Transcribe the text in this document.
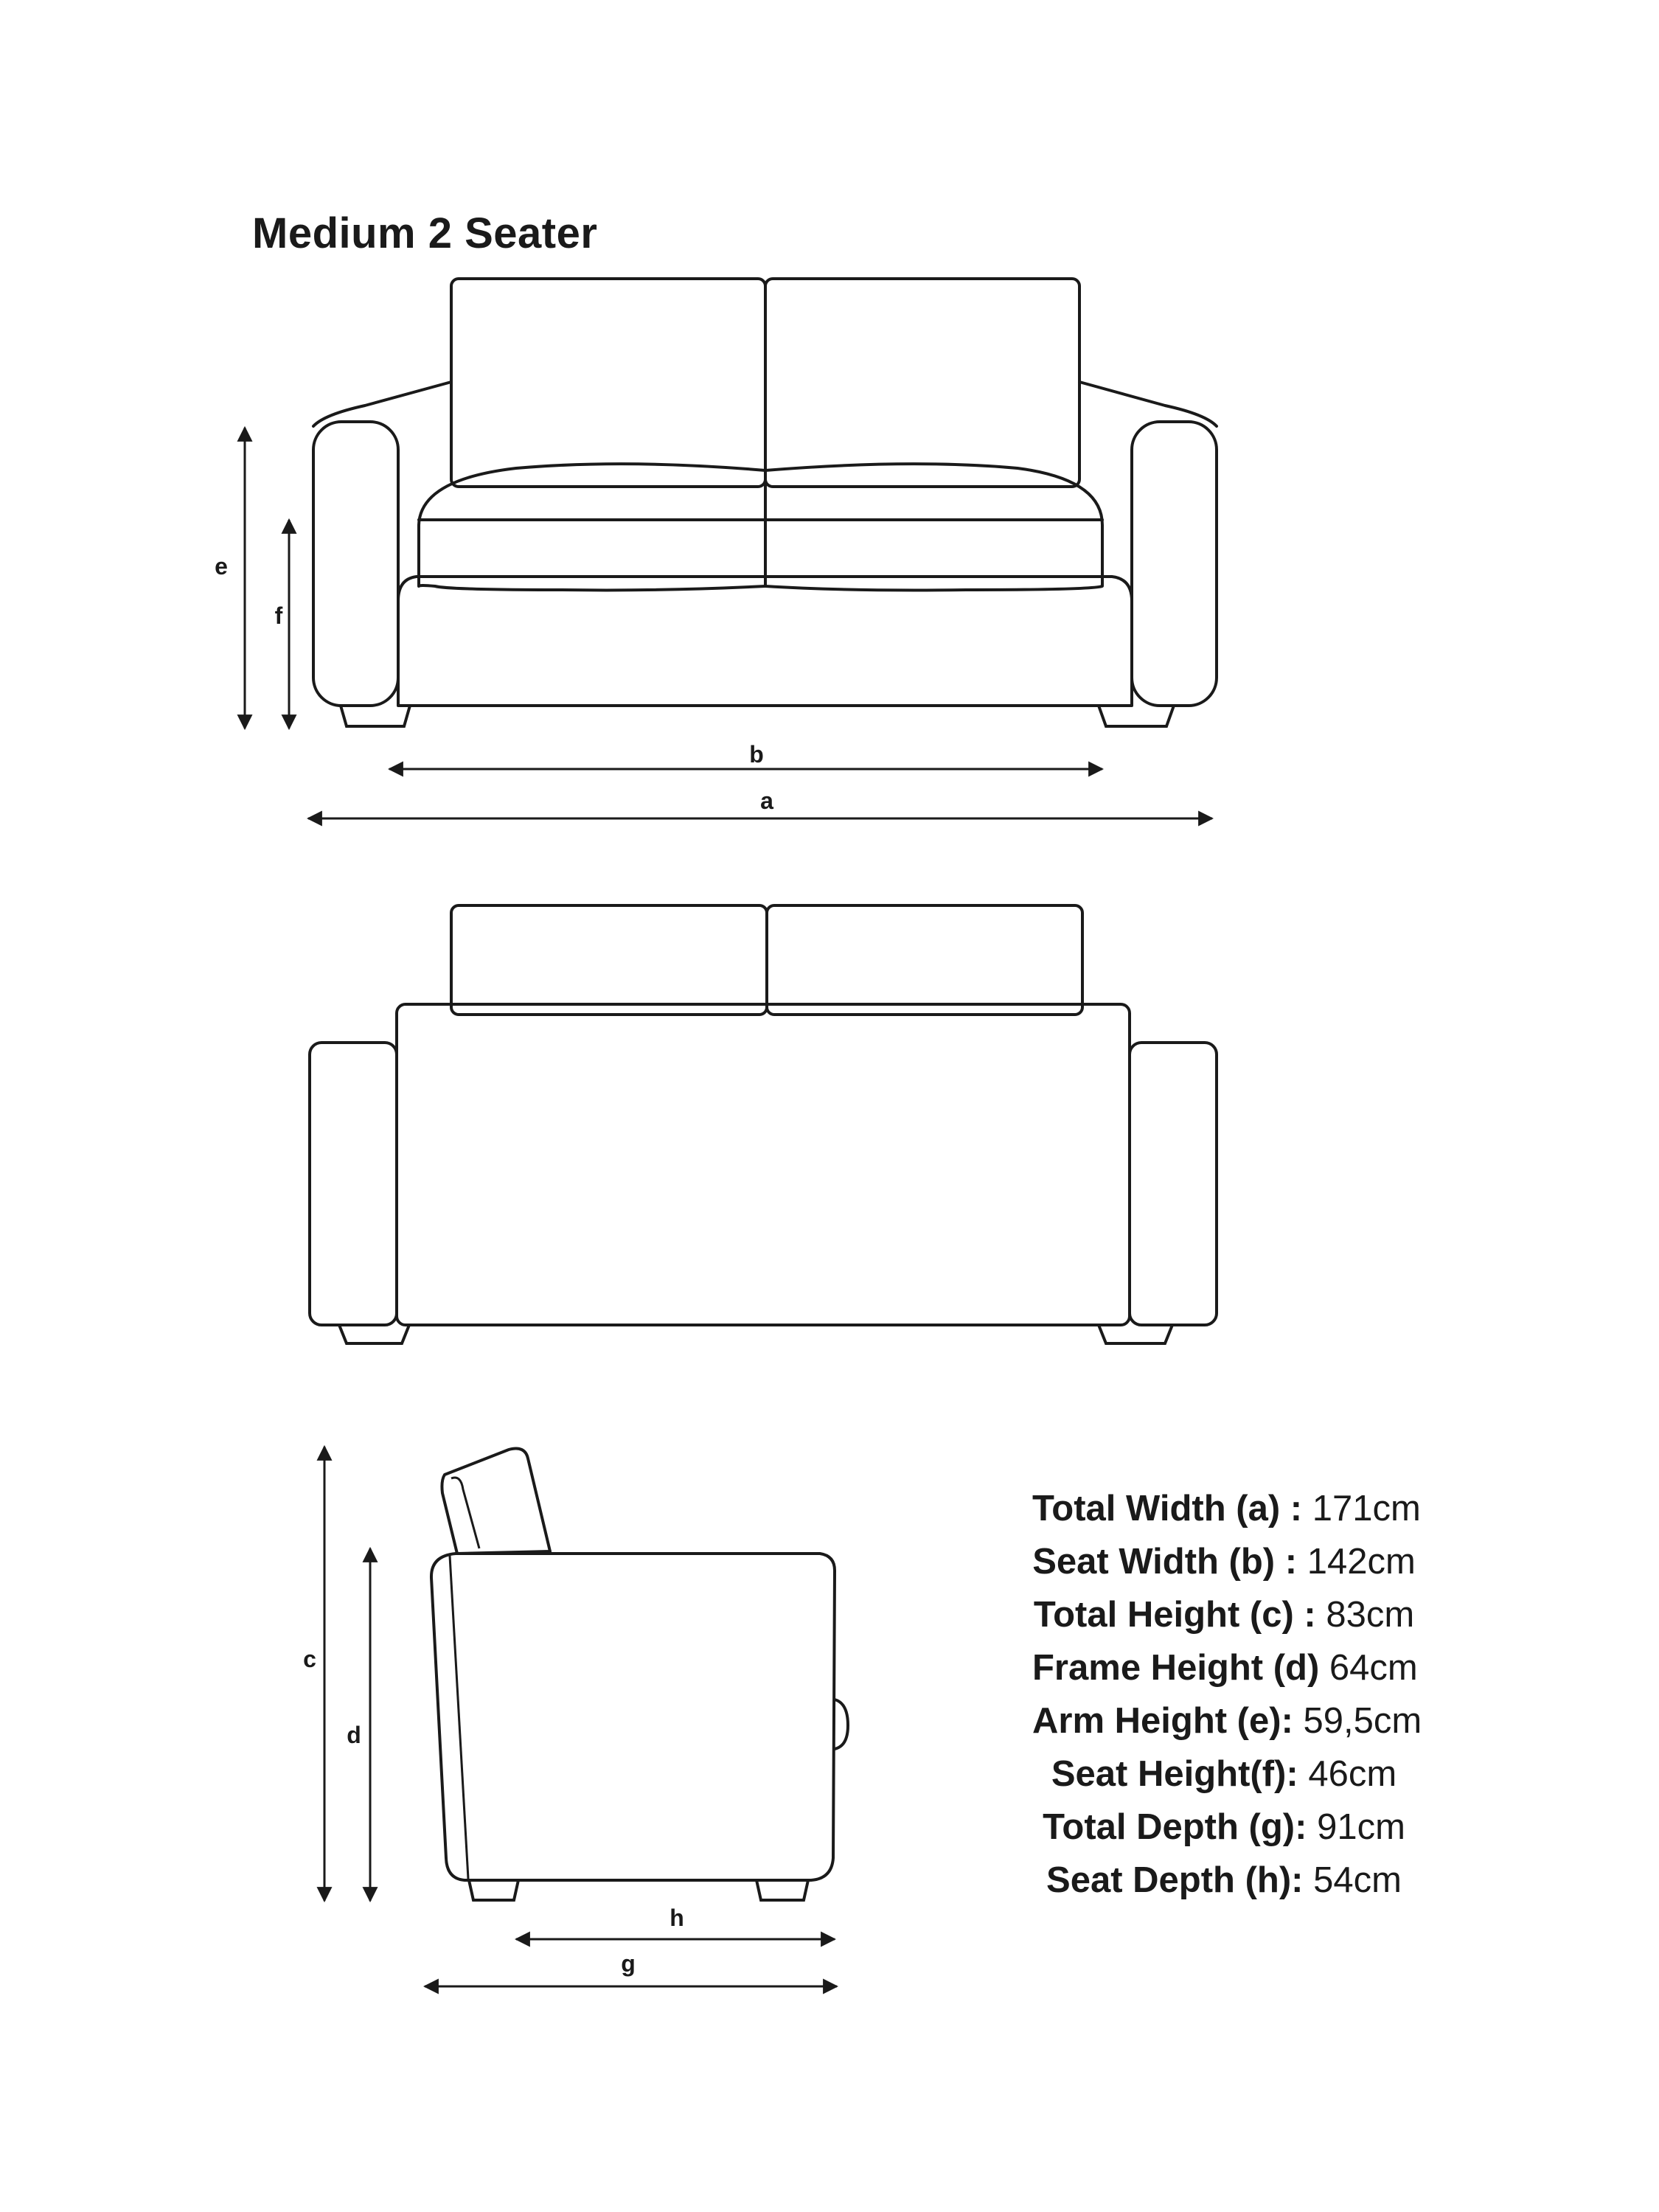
Medium 2 Seater
e
f
b
a
c
d
h
g
Total Width (a) : 171cm
Seat Width (b) : 142cm
Total Height (c) : 83cm
Frame Height (d) 64cm
Arm Height (e): 59,5cm
Seat Height(f): 46cm
Total Depth (g): 91cm
Seat Depth (h): 54cm
